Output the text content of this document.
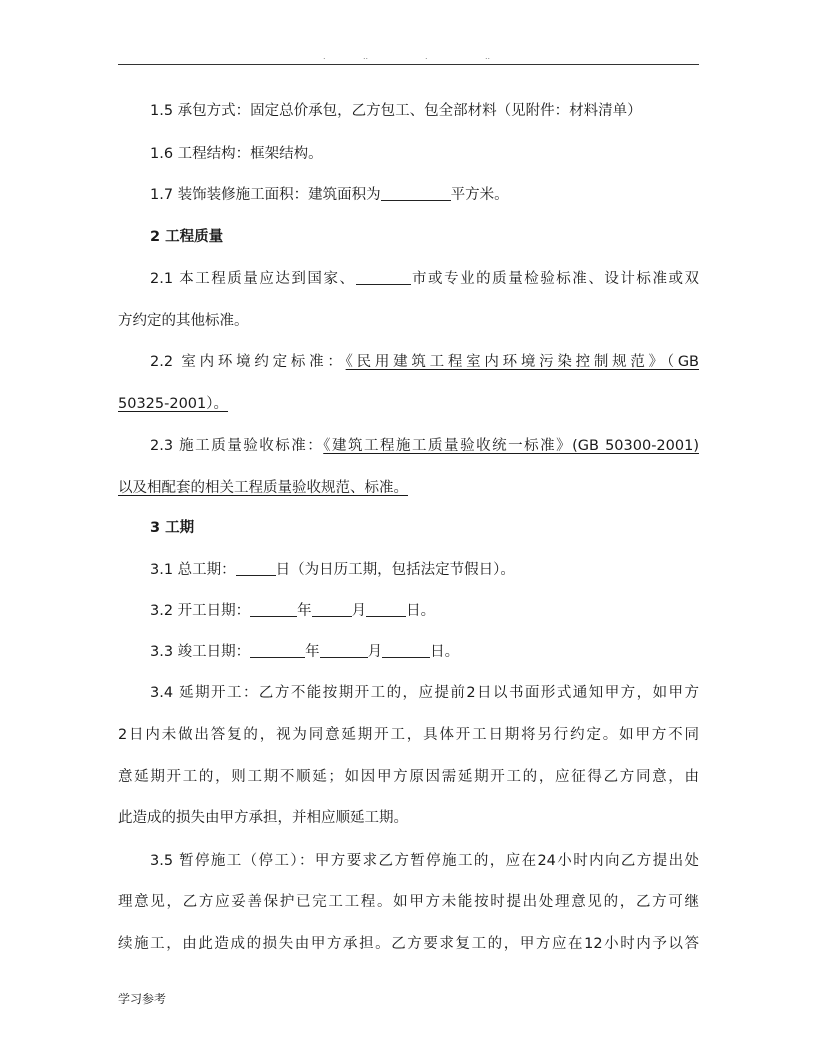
.	..	.	..
1.5 承包方式：固定总价承包，乙方包工、包全部材料（见附件：材料清单）
1.6 工程结构：框架结构。
1.7 装饰装修施工面积：建筑面积为	平方米。
2 工程质量
2.1 本工程质量应达到国家、	市或专业的质量检验标准、设计标准或双
方约定的其他标准。
2.2 室内环境约定标准：《民用建筑工程室内环境污染控制规范》（GB
50325-2001）。
2.3 施工质量验收标准：《建筑工程施工质量验收统一标准》(GB 50300-2001)
以及相配套的相关工程质量验收规范、标准。
3 工期
3.1 总工期：	日（为日历工期，包括法定节假日）。
3.2 开工日期：	年	月	日。
3.3 竣工日期：	年	月	日。
3.4 延期开工：乙方不能按期开工的，应提前2日以书面形式通知甲方，如甲方
2日内未做出答复的，视为同意延期开工，具体开工日期将另行约定。如甲方不同
意延期开工的，则工期不顺延；如因甲方原因需延期开工的，应征得乙方同意，由
此造成的损失由甲方承担，并相应顺延工期。
3.5 暂停施工（停工）：甲方要求乙方暂停施工的，应在24小时内向乙方提出处
理意见，乙方应妥善保护已完工工程。如甲方未能按时提出处理意见的，乙方可继
续施工，由此造成的损失由甲方承担。乙方要求复工的，甲方应在12小时内予以答
学习参考
